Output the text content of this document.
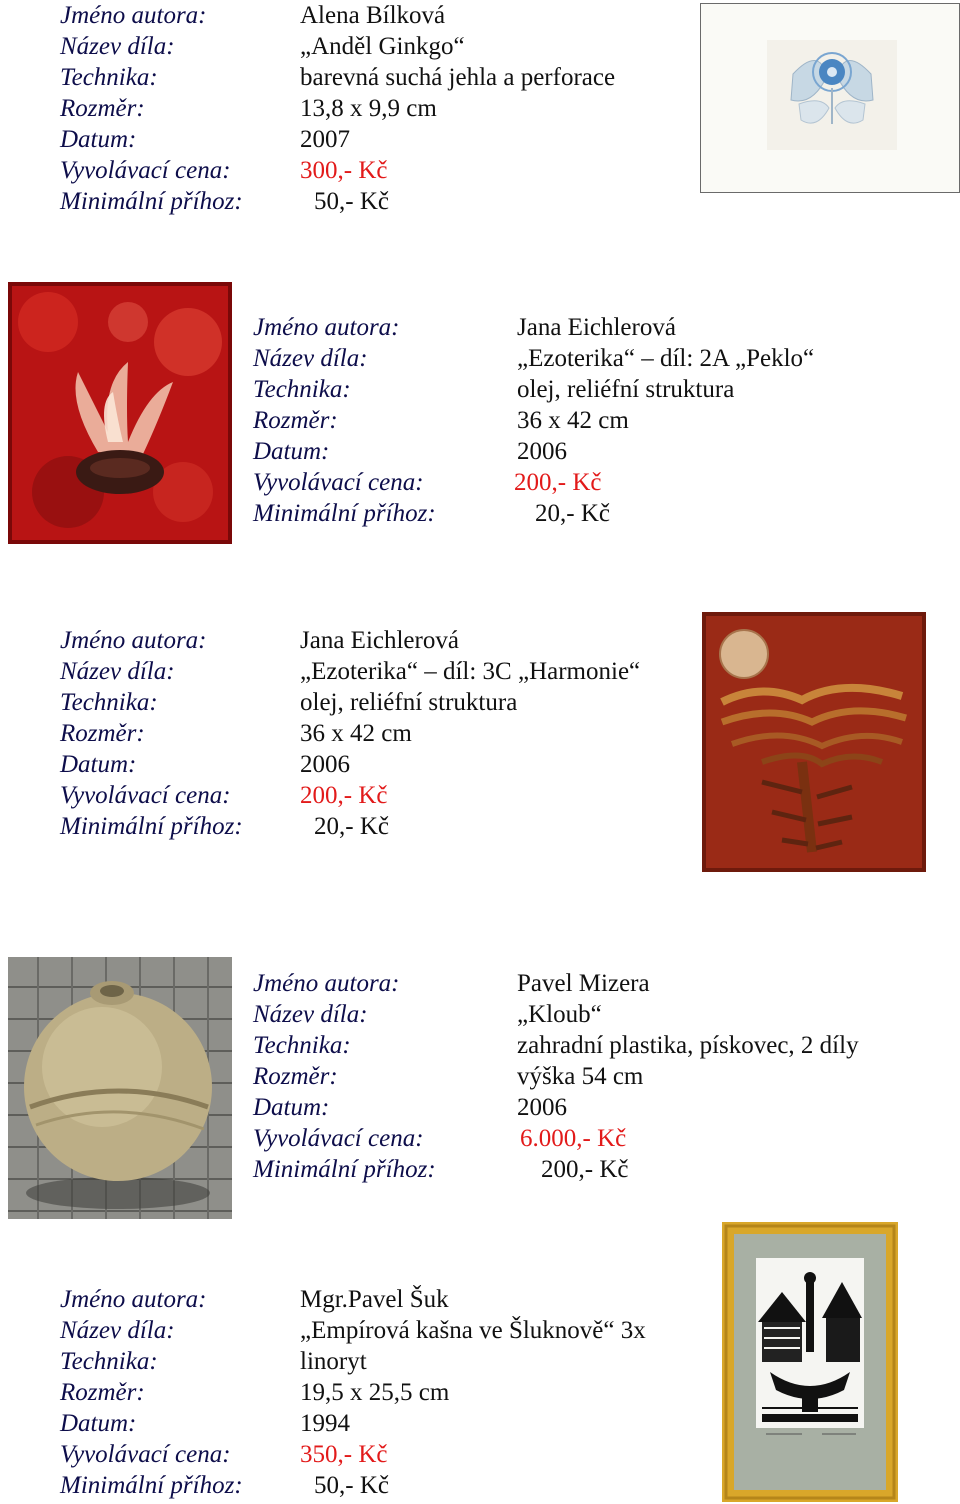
Jméno autora:	Alena Bílková
Název díla:	„Anděl Ginkgo“
Technika:	barevná suchá jehla a perforace
Rozměr:	13,8 x 9,9 cm
Datum:	2007
Vyvolávací cena:	300,- Kč
Minimální příhoz:	50,- Kč
Jméno autora:	Jana Eichlerová
Název díla:	„Ezoterika“ – díl: 2A „Peklo“
Technika:	olej, reliéfní struktura
Rozměr:	36 x 42 cm
Datum:	2006
Vyvolávací cena:	200,- Kč
Minimální příhoz:	20,- Kč
Jméno autora:	Jana Eichlerová
Název díla:	„Ezoterika“ – díl: 3C „Harmonie“
Technika:	olej, reliéfní struktura
Rozměr:	36 x 42 cm
Datum:	2006
Vyvolávací cena:	200,- Kč
Minimální příhoz:	20,- Kč
Jméno autora:	Pavel Mizera
Název díla:	„Kloub“
Technika:	zahradní plastika, pískovec, 2 díly
Rozměr:	výška 54 cm
Datum:	2006
Vyvolávací cena:	6.000,- Kč
Minimální příhoz:	200,- Kč
Jméno autora:	Mgr.Pavel Šuk
Název díla:	„Empírová kašna ve Šluknově“ 3x
Technika:	linoryt
Rozměr:	19,5 x 25,5 cm
Datum:	1994
Vyvolávací cena:	350,- Kč
Minimální příhoz:	50,- Kč
